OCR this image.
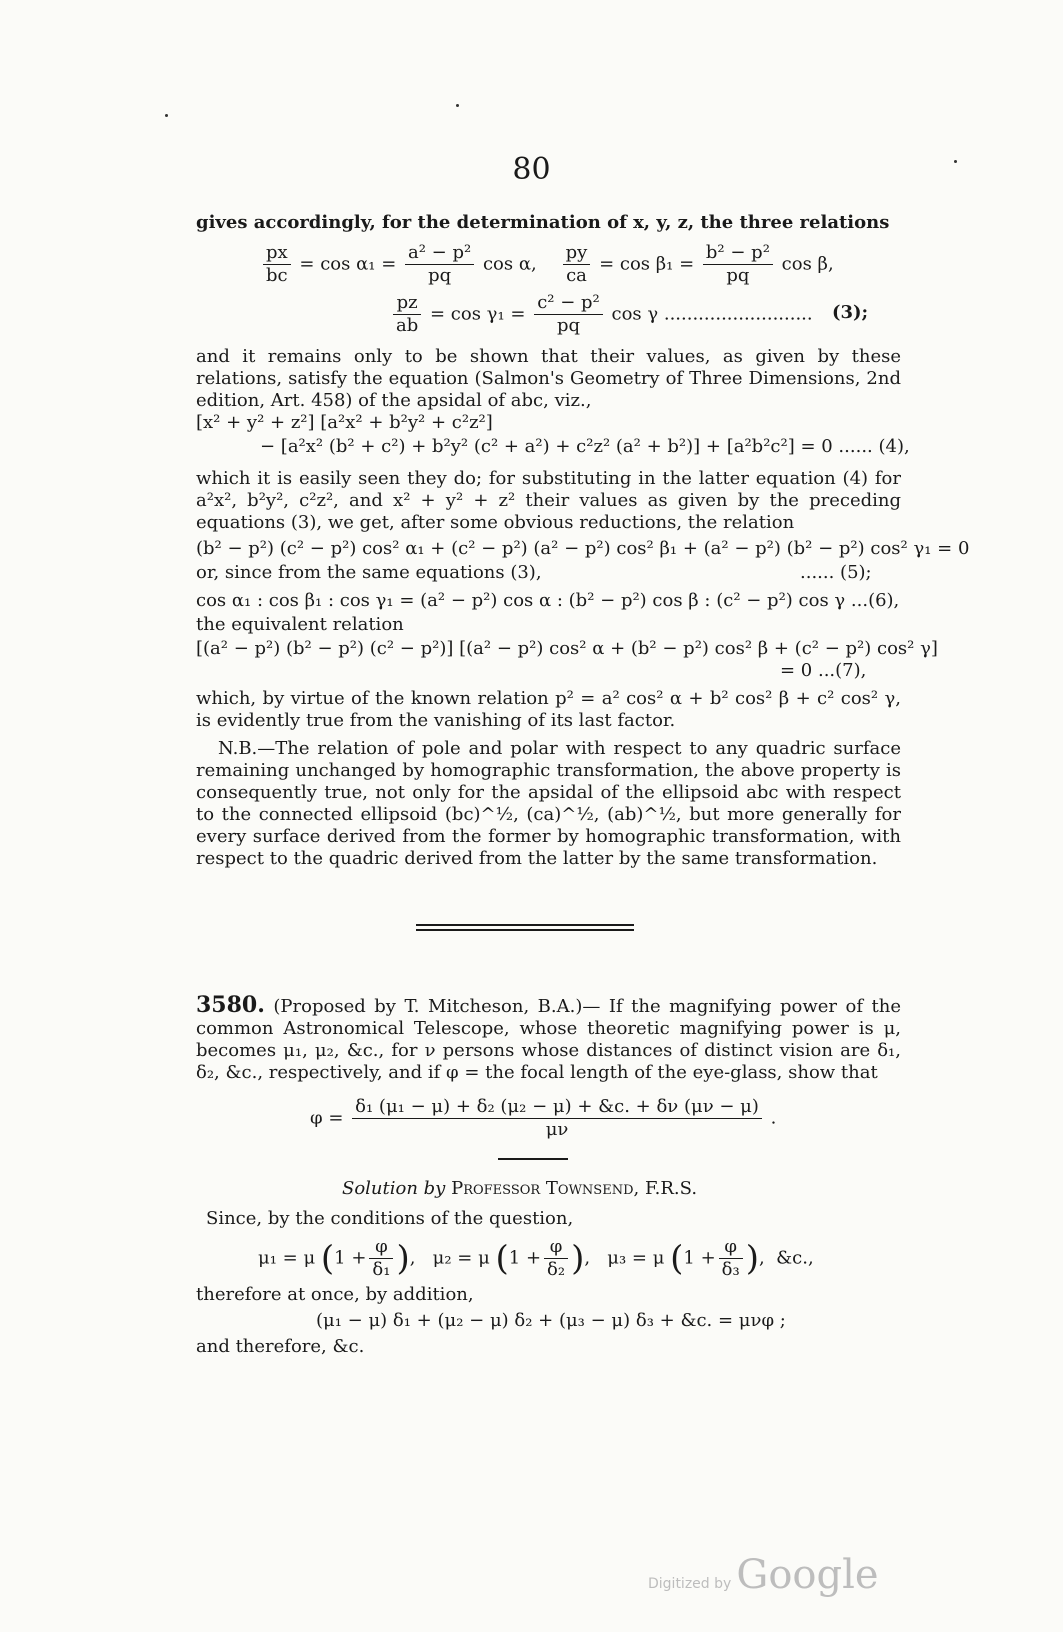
80
gives accordingly, for the determination of x, y, z, the three relations
$\frac{px}{bc} = \cos \alpha_1 = \frac{\text{a² − p²}}{pq}$ cos α, $\frac{py}{ca} = \cos \beta_1 = \frac{\text{b² − p²}}{pq}$ cos β,
$\frac{pz}{ab} = \cos \gamma_1 = \frac{\text{c² − p²}}{pq}$ cos γ .......................... (3);
and it remains only to be shown that their values, as given by these relations, satisfy the equation (Salmon's Geometry of Three Dimensions, 2nd edition, Art. 458) of the apsidal of abc, viz.,
[x² + y² + z²] [a²x² + b²y² + c²z²]
− [a²x² (b² + c²) + b²y² (c² + a²) + c²z² (a² + b²)] + [a²b²c²] = 0 ...... (4),
which it is easily seen they do; for substituting in the latter equation (4) for a²x², b²y², c²z², and x² + y² + z² their values as given by the preceding equations (3), we get, after some obvious reductions, the relation
(b² − p²) (c² − p²) cos² α₁ + (c² − p²) (a² − p²) cos² β₁ + (a² − p²) (b² − p²) cos² γ₁ = 0
or, since from the same equations (3),	...... (5);
cos α₁ : cos β₁ : cos γ₁ = (a² − p²) cos α : (b² − p²) cos β : (c² − p²) cos γ ...(6),
the equivalent relation
[(a² − p²) (b² − p²) (c² − p²)] [(a² − p²) cos² α + (b² − p²) cos² β + (c² − p²) cos² γ]
= 0 ...(7),
which, by virtue of the known relation p² = a² cos² α + b² cos² β + c² cos² γ, is evidently true from the vanishing of its last factor.
N.B.—The relation of pole and polar with respect to any quadric surface remaining unchanged by homographic transformation, the above property is consequently true, not only for the apsidal of the ellipsoid abc with respect to the connected ellipsoid (bc)^½, (ca)^½, (ab)^½, but more generally for every surface derived from the former by homographic transformation, with respect to the quadric derived from the latter by the same transformation.
3580. (Proposed by T. Mitcheson, B.A.)— If the magnifying power of the common Astronomical Telescope, whose theoretic magnifying power is μ, becomes μ₁, μ₂, &c., for ν persons whose distances of distinct vision are δ₁, δ₂, &c., respectively, and if φ = the focal length of the eye-glass, show that
$\varphi = \frac{\text{δ₁ (μ₁ − μ) + δ₂ (μ₂ − μ) + \&c. + δν (μν − μ)}}{\mu\nu}$ .
Solution by Professor Townsend, F.R.S.
Since, by the conditions of the question,
μ₁ = μ ($1 + \frac{\varphi}{\text{δ₁}}$ ),   μ₂ = μ ($1 + \frac{\varphi}{\text{δ₂}}$ ),   μ₃ = μ ($1 + \frac{\varphi}{\text{δ₃}}$ ),  &c.,
therefore at once, by addition,
(μ₁ − μ) δ₁ + (μ₂ − μ) δ₂ + (μ₃ − μ) δ₃ + &c. = μνφ ;
and therefore, &c.
Digitized by Google
